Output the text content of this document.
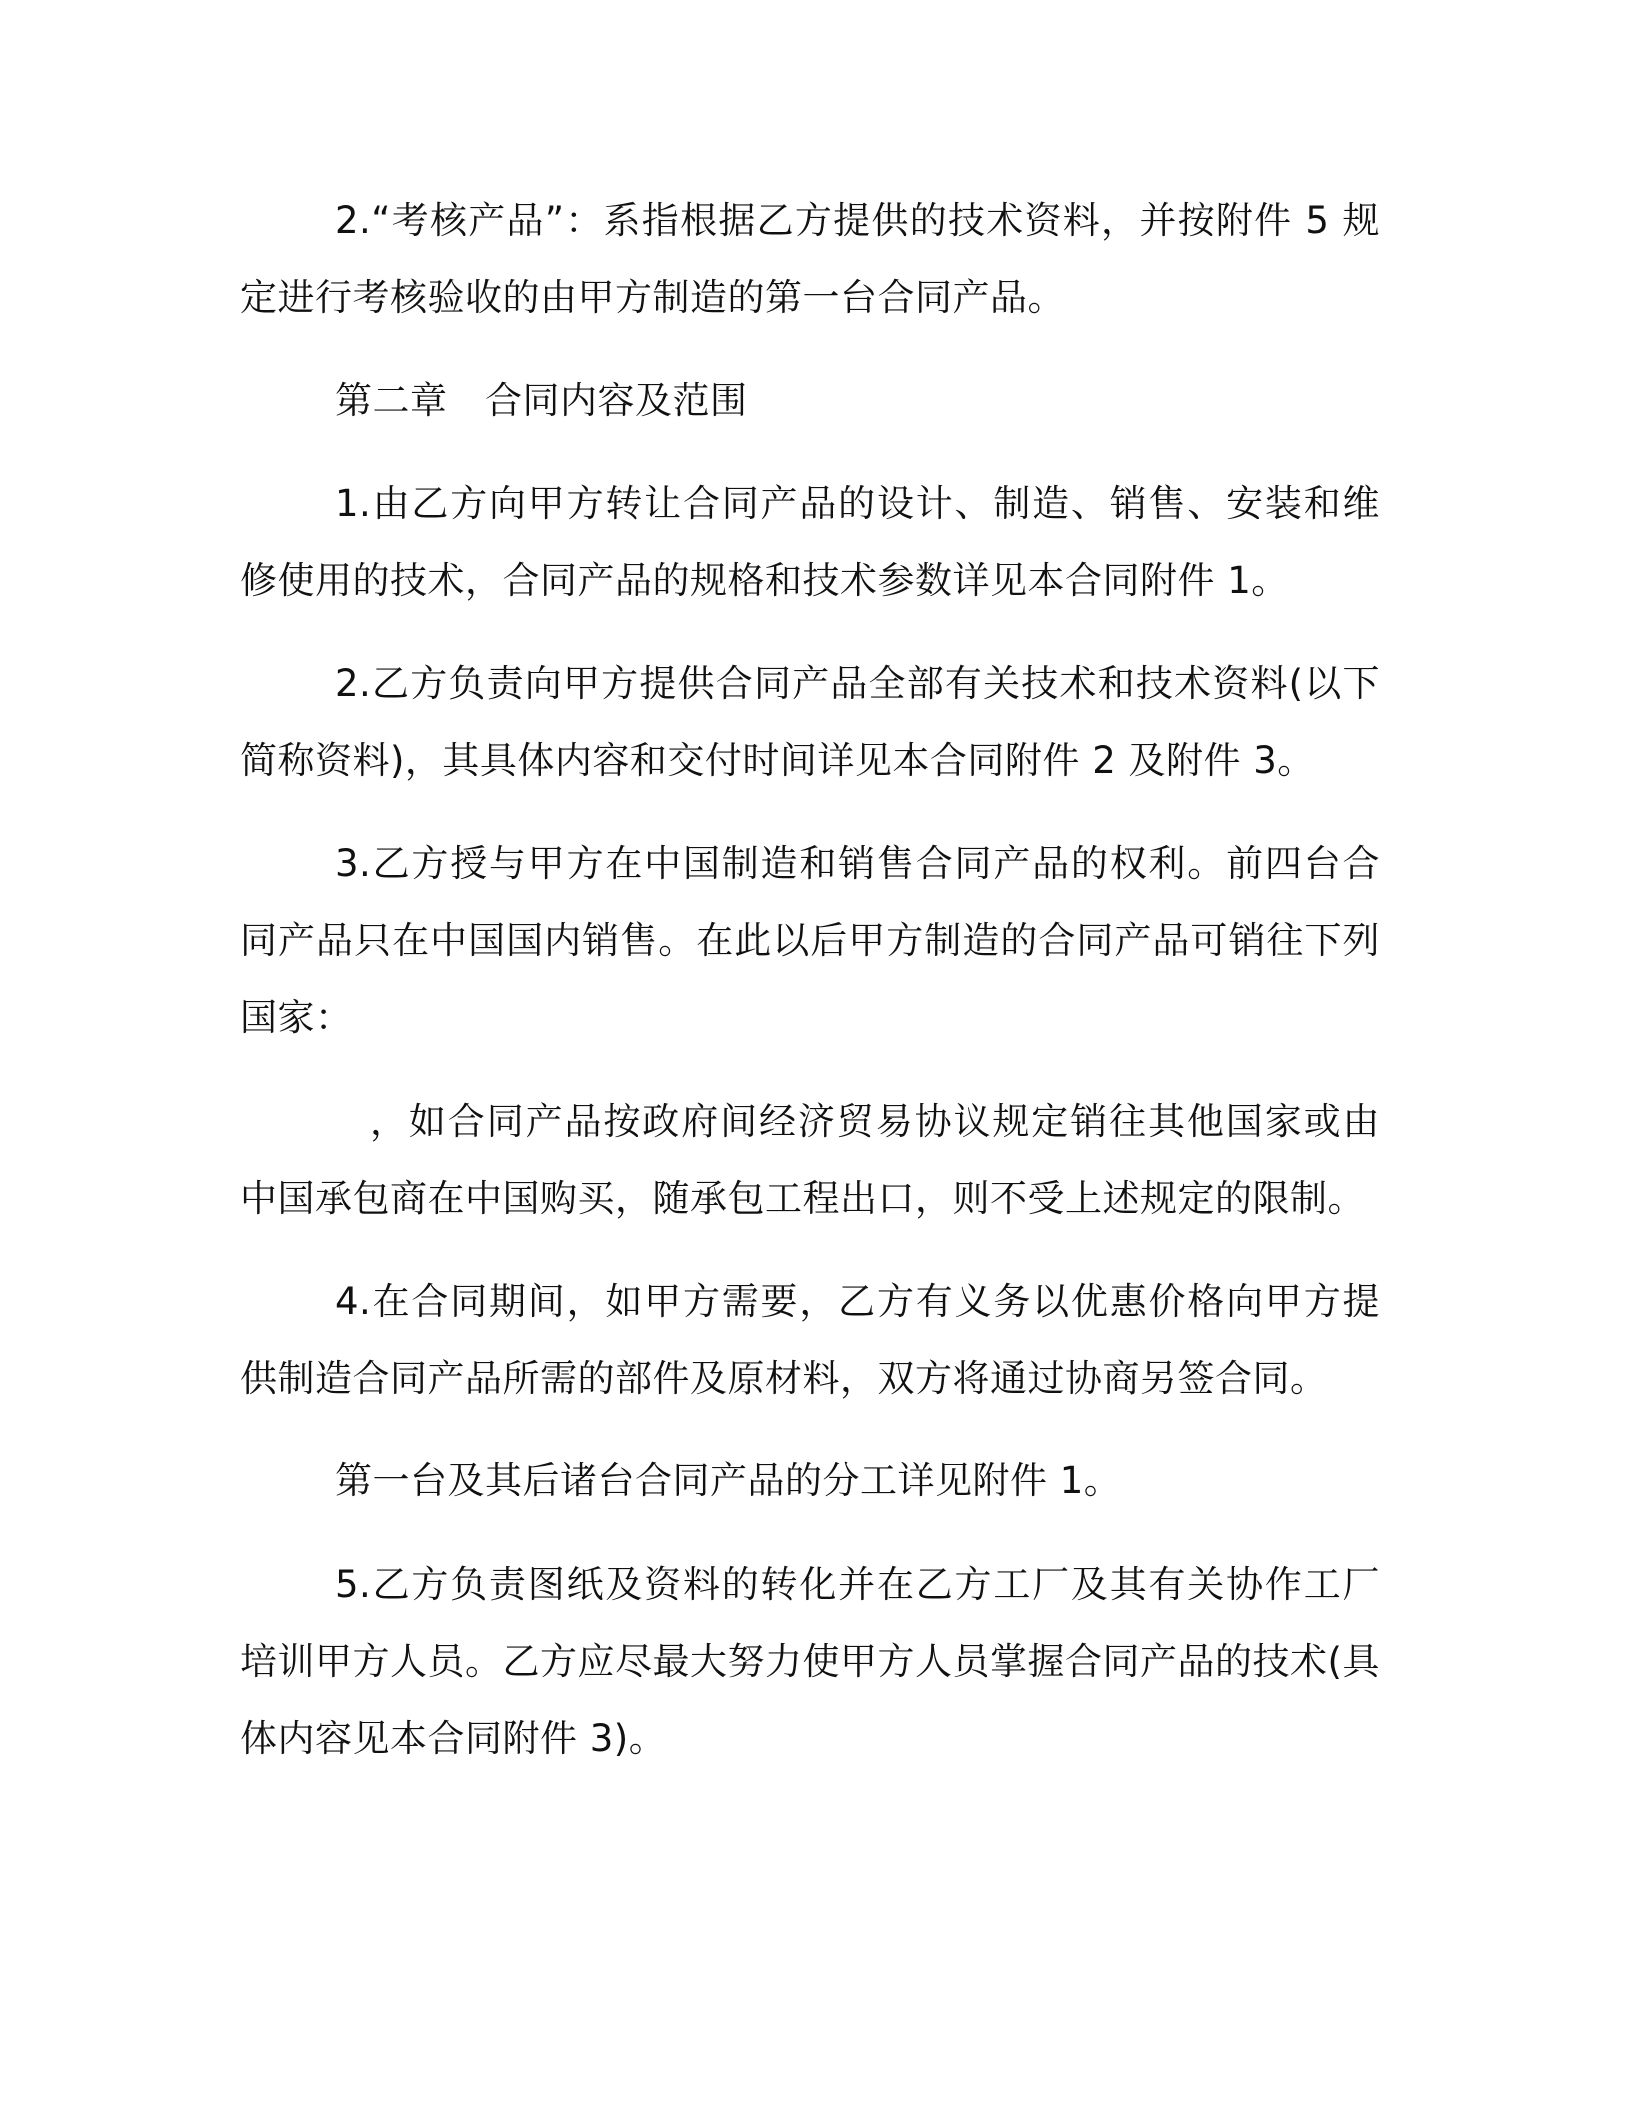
2.“考核产品”：系指根据乙方提供的技术资料，并按附件 5 规定进行考核验收的由甲方制造的第一台合同产品。

第二章　合同内容及范围

1.由乙方向甲方转让合同产品的设计、制造、销售、安装和维修使用的技术，合同产品的规格和技术参数详见本合同附件 1。

2.乙方负责向甲方提供合同产品全部有关技术和技术资料(以下简称资料)，其具体内容和交付时间详见本合同附件 2 及附件 3。

3.乙方授与甲方在中国制造和销售合同产品的权利。前四台合同产品只在中国国内销售。在此以后甲方制造的合同产品可销往下列国家：

，如合同产品按政府间经济贸易协议规定销往其他国家或由中国承包商在中国购买，随承包工程出口，则不受上述规定的限制。

4.在合同期间，如甲方需要，乙方有义务以优惠价格向甲方提供制造合同产品所需的部件及原材料，双方将通过协商另签合同。

第一台及其后诸台合同产品的分工详见附件 1。

5.乙方负责图纸及资料的转化并在乙方工厂及其有关协作工厂培训甲方人员。乙方应尽最大努力使甲方人员掌握合同产品的技术(具体内容见本合同附件 3)。
